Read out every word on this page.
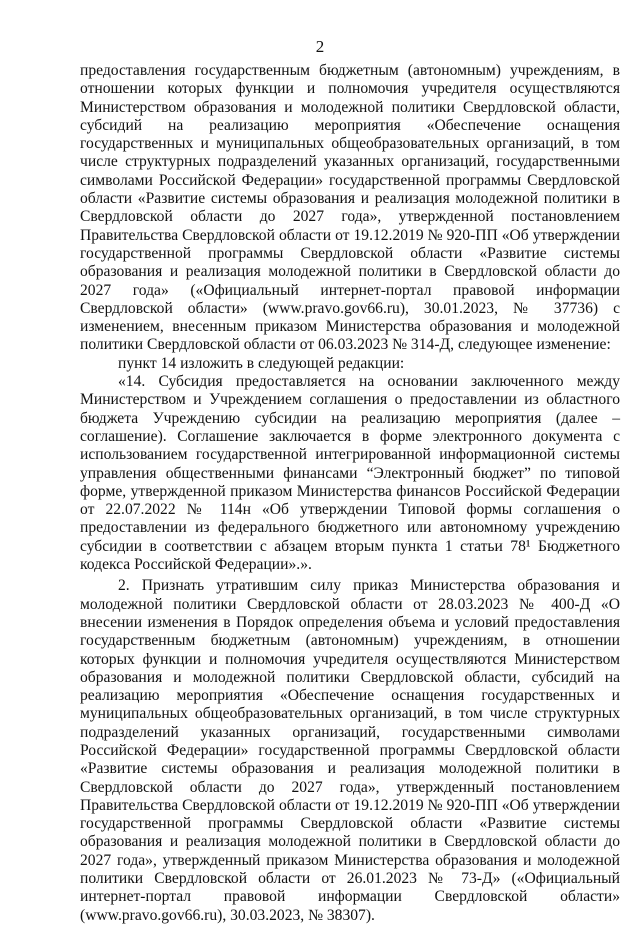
2

предоставления государственным бюджетным (автономным) учреждениям, в отношении которых функции и полномочия учредителя осуществляются Министерством образования и молодежной политики Свердловской области, субсидий на реализацию мероприятия «Обеспечение оснащения государственных и муниципальных общеобразовательных организаций, в том числе структурных подразделений указанных организаций, государственными символами Российской Федерации» государственной программы Свердловской области «Развитие системы образования и реализация молодежной политики в Свердловской области до 2027 года», утвержденной постановлением Правительства Свердловской области от 19.12.2019 № 920-ПП «Об утверждении государственной программы Свердловской области «Развитие системы образования и реализация молодежной политики в Свердловской области до 2027 года» («Официальный интернет-портал правовой информации Свердловской области» (www.pravo.gov66.ru), 30.01.2023, № 37736) с изменением, внесенным приказом Министерства образования и молодежной политики Свердловской области от 06.03.2023 № 314-Д, следующее изменение:

пункт 14 изложить в следующей редакции:

«14. Субсидия предоставляется на основании заключенного между Министерством и Учреждением соглашения о предоставлении из областного бюджета Учреждению субсидии на реализацию мероприятия (далее – соглашение). Соглашение заключается в форме электронного документа с использованием государственной интегрированной информационной системы управления общественными финансами “Электронный бюджет” по типовой форме, утвержденной приказом Министерства финансов Российской Федерации от 22.07.2022 № 114н «Об утверждении Типовой формы соглашения о предоставлении из федерального бюджетного или автономному учреждению субсидии в соответствии с абзацем вторым пункта 1 статьи 78¹ Бюджетного кодекса Российской Федерации».».

2. Признать утратившим силу приказ Министерства образования и молодежной политики Свердловской области от 28.03.2023 № 400-Д «О внесении изменения в Порядок определения объема и условий предоставления государственным бюджетным (автономным) учреждениям, в отношении которых функции и полномочия учредителя осуществляются Министерством образования и молодежной политики Свердловской области, субсидий на реализацию мероприятия «Обеспечение оснащения государственных и муниципальных общеобразовательных организаций, в том числе структурных подразделений указанных организаций, государственными символами Российской Федерации» государственной программы Свердловской области «Развитие системы образования и реализация молодежной политики в Свердловской области до 2027 года», утвержденный постановлением Правительства Свердловской области от 19.12.2019 № 920-ПП «Об утверждении государственной программы Свердловской области «Развитие системы образования и реализация молодежной политики в Свердловской области до 2027 года», утвержденный приказом Министерства образования и молодежной политики Свердловской области от 26.01.2023 № 73-Д» («Официальный интернет-портал правовой информации Свердловской области» (www.pravo.gov66.ru), 30.03.2023, № 38307).
